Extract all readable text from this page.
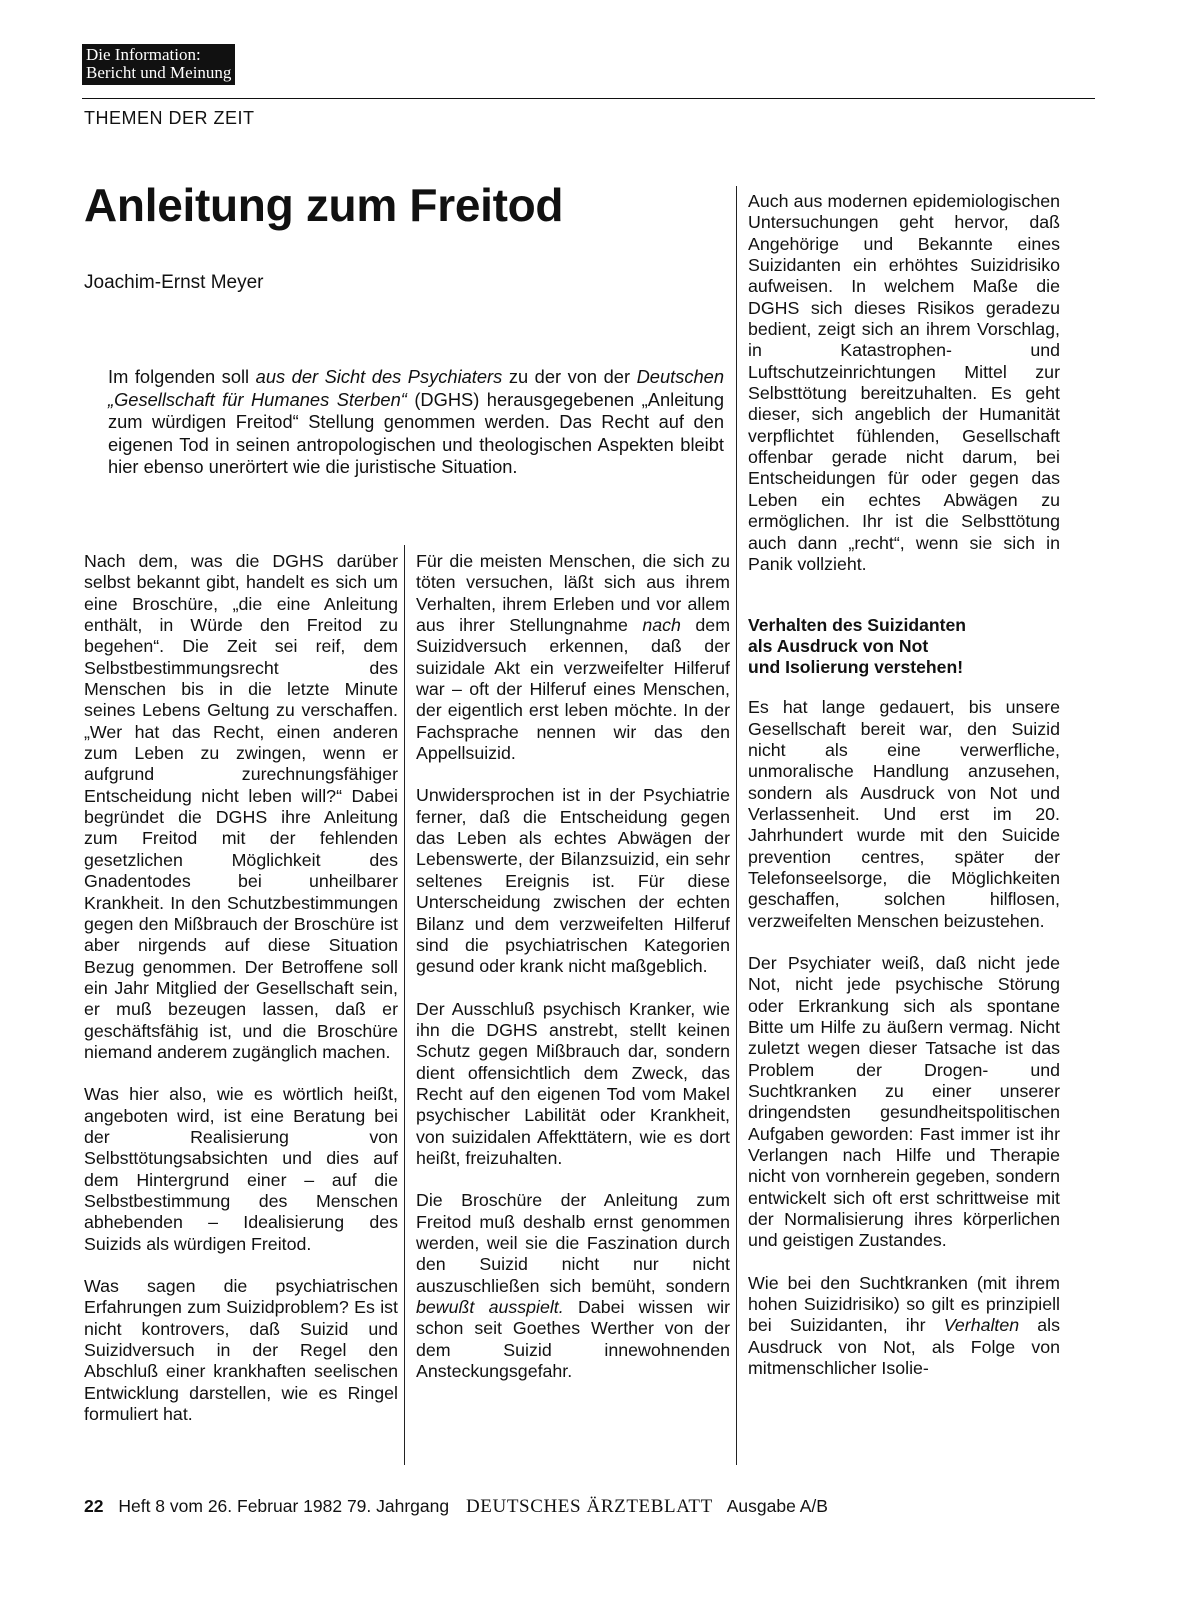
Die Information:
Bericht und Meinung
THEMEN DER ZEIT
Anleitung zum Freitod
Joachim-Ernst Meyer

Im folgenden soll aus der Sicht des Psychiaters zu der von der Deutschen „Gesellschaft für Humanes Sterben“ (DGHS) herausgegebenen „Anleitung zum würdigen Freitod“ Stellung genommen werden. Das Recht auf den eigenen Tod in seinen antropologischen und theologischen Aspekten bleibt hier ebenso unerörtert wie die juristische Situation.

Nach dem, was die DGHS darüber selbst bekannt gibt, handelt es sich um eine Broschüre, „die eine Anleitung enthält, in Würde den Freitod zu begehen“. Die Zeit sei reif, dem Selbstbestimmungsrecht des Menschen bis in die letzte Minute seines Lebens Geltung zu verschaffen. „Wer hat das Recht, einen anderen zum Leben zu zwingen, wenn er aufgrund zurechnungsfähiger Entscheidung nicht leben will?“ Dabei begründet die DGHS ihre Anleitung zum Freitod mit der fehlenden gesetzlichen Möglichkeit des Gnadentodes bei unheilbarer Krankheit. In den Schutzbestimmungen gegen den Mißbrauch der Broschüre ist aber nirgends auf diese Situation Bezug genommen. Der Betroffene soll ein Jahr Mitglied der Gesellschaft sein, er muß bezeugen lassen, daß er geschäftsfähig ist, und die Broschüre niemand anderem zugänglich machen.

Was hier also, wie es wörtlich heißt, angeboten wird, ist eine Beratung bei der Realisierung von Selbsttötungsabsichten und dies auf dem Hintergrund einer – auf die Selbstbestimmung des Menschen abhebenden – Idealisierung des Suizids als würdigen Freitod.

Was sagen die psychiatrischen Erfahrungen zum Suizidproblem? Es ist nicht kontrovers, daß Suizid und Suizidversuch in der Regel den Abschluß einer krankhaften seelischen Entwicklung darstellen, wie es Ringel formuliert hat.

Für die meisten Menschen, die sich zu töten versuchen, läßt sich aus ihrem Verhalten, ihrem Erleben und vor allem aus ihrer Stellungnahme nach dem Suizidversuch erkennen, daß der suizidale Akt ein verzweifelter Hilferuf war – oft der Hilferuf eines Menschen, der eigentlich erst leben möchte. In der Fachsprache nennen wir das den Appellsuizid.

Unwidersprochen ist in der Psychiatrie ferner, daß die Entscheidung gegen das Leben als echtes Abwägen der Lebenswerte, der Bilanzsuizid, ein sehr seltenes Ereignis ist. Für diese Unterscheidung zwischen der echten Bilanz und dem verzweifelten Hilferuf sind die psychiatrischen Kategorien gesund oder krank nicht maßgeblich.

Der Ausschluß psychisch Kranker, wie ihn die DGHS anstrebt, stellt keinen Schutz gegen Mißbrauch dar, sondern dient offensichtlich dem Zweck, das Recht auf den eigenen Tod vom Makel psychischer Labilität oder Krankheit, von suizidalen Affekttätern, wie es dort heißt, freizuhalten.

Die Broschüre der Anleitung zum Freitod muß deshalb ernst genommen werden, weil sie die Faszination durch den Suizid nicht nur nicht auszuschließen sich bemüht, sondern bewußt ausspielt. Dabei wissen wir schon seit Goethes Werther von der dem Suizid innewohnenden Ansteckungsgefahr.

Auch aus modernen epidemiologischen Untersuchungen geht hervor, daß Angehörige und Bekannte eines Suizidanten ein erhöhtes Suizidrisiko aufweisen. In welchem Maße die DGHS sich dieses Risikos geradezu bedient, zeigt sich an ihrem Vorschlag, in Katastrophen- und Luftschutzeinrichtungen Mittel zur Selbsttötung bereitzuhalten. Es geht dieser, sich angeblich der Humanität verpflichtet fühlenden, Gesellschaft offenbar gerade nicht darum, bei Entscheidungen für oder gegen das Leben ein echtes Abwägen zu ermöglichen. Ihr ist die Selbsttötung auch dann „recht“, wenn sie sich in Panik vollzieht.

Verhalten des Suizidanten
als Ausdruck von Not
und Isolierung verstehen!

Es hat lange gedauert, bis unsere Gesellschaft bereit war, den Suizid nicht als eine verwerfliche, unmoralische Handlung anzusehen, sondern als Ausdruck von Not und Verlassenheit. Und erst im 20. Jahrhundert wurde mit den Suicide prevention centres, später der Telefonseelsorge, die Möglichkeiten geschaffen, solchen hilflosen, verzweifelten Menschen beizustehen.

Der Psychiater weiß, daß nicht jede Not, nicht jede psychische Störung oder Erkrankung sich als spontane Bitte um Hilfe zu äußern vermag. Nicht zuletzt wegen dieser Tatsache ist das Problem der Drogen- und Suchtkranken zu einer unserer dringendsten gesundheitspolitischen Aufgaben geworden: Fast immer ist ihr Verlangen nach Hilfe und Therapie nicht von vornherein gegeben, sondern entwickelt sich oft erst schrittweise mit der Normalisierung ihres körperlichen und geistigen Zustandes.

Wie bei den Suchtkranken (mit ihrem hohen Suizidrisiko) so gilt es prinzipiell bei Suizidanten, ihr Verhalten als Ausdruck von Not, als Folge von mitmenschlicher Isolie-

22 Heft 8 vom 26. Februar 1982 79. Jahrgang DEUTSCHES ÄRZTEBLATT Ausgabe A/B
